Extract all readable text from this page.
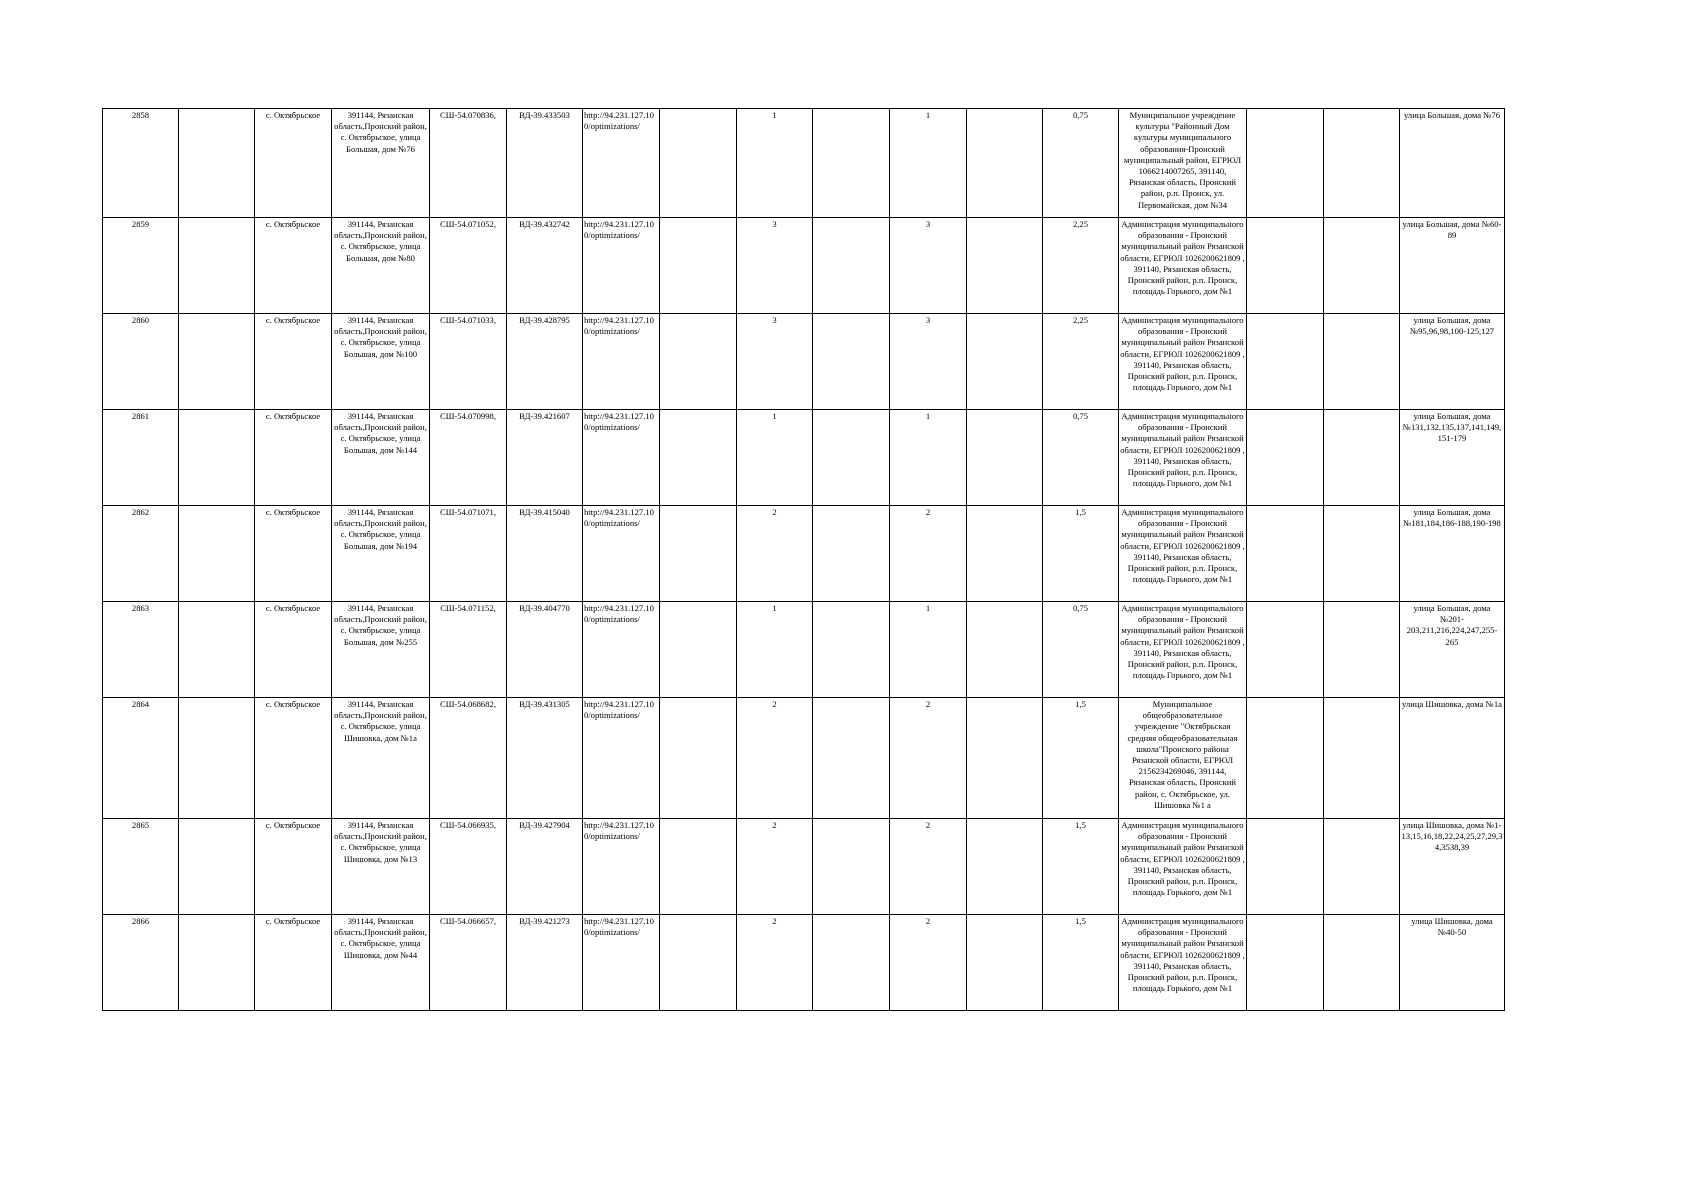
2858		с. Октябрьское	391144, Рязанская область,Пронский район, с. Октябрьское, улица Большая, дом №76	СШ-54.070836,	ВД-39.433503	http://94.231.127.100/optimizations/		1		1		0,75	Муниципальное учреждение культуры "Районный Дом культуры муниципального образования-Пронский муниципальный район, ЕГРЮЛ 1066214007265, 391140, Рязанская область, Пронский район, р.п. Пронск, ул. Первомайская, дом №34			улица Большая, дома №76
2859		с. Октябрьское	391144, Рязанская область,Пронский район, с. Октябрьское, улица Большая, дом №80	СШ-54.071052,	ВД-39.432742	http://94.231.127.100/optimizations/		3		3		2,25	Администрация муниципального образования - Пронский муниципальный район Рязанской области, ЕГРЮЛ 1026200621809 , 391140, Рязанская область, Пронский район, р.п. Пронск, площадь Горького, дом №1			улица Большая, дома №60-89
2860		с. Октябрьское	391144, Рязанская область,Пронский район, с. Октябрьское, улица Большая, дом №100	СШ-54.071033,	ВД-39.428795	http://94.231.127.100/optimizations/		3		3		2,25	Администрация муниципального образования - Пронский муниципальный район Рязанской области, ЕГРЮЛ 1026200621809 , 391140, Рязанская область, Пронский район, р.п. Пронск, площадь Горького, дом №1			улица Большая, дома №95,96,98,100-125,127
2861		с. Октябрьское	391144, Рязанская область,Пронский район, с. Октябрьское, улица Большая, дом №144	СШ-54.070998,	ВД-39.421607	http://94.231.127.100/optimizations/		1		1		0,75	Администрация муниципального образования - Пронский муниципальный район Рязанской области, ЕГРЮЛ 1026200621809 , 391140, Рязанская область, Пронский район, р.п. Пронск, площадь Горького, дом №1			улица Большая, дома №131,132,135,137,141,149, 151-179
2862		с. Октябрьское	391144, Рязанская область,Пронский район, с. Октябрьское, улица Большая, дом №194	СШ-54.071071,	ВД-39.415040	http://94.231.127.100/optimizations/		2		2		1,5	Администрация муниципального образования - Пронский муниципальный район Рязанской области, ЕГРЮЛ 1026200621809 , 391140, Рязанская область, Пронский район, р.п. Пронск, площадь Горького, дом №1			улица Большая, дома №181,184,186-188,190-198
2863		с. Октябрьское	391144, Рязанская область,Пронский район, с. Октябрьское, улица Большая, дом №255	СШ-54.071152,	ВД-39.404770	http://94.231.127.100/optimizations/		1		1		0,75	Администрация муниципального образования - Пронский муниципальный район Рязанской области, ЕГРЮЛ 1026200621809 , 391140, Рязанская область, Пронский район, р.п. Пронск, площадь Горького, дом №1			улица Большая, дома №201-203,211,216,224,247,255-265
2864		с. Октябрьское	391144, Рязанская область,Пронский район, с. Октябрьское, улица Шишовка, дом №1а	СШ-54.068682,	ВД-39.431305	http://94.231.127.100/optimizations/		2		2		1,5	Муниципальное общеобразовательное учреждение "Октябрьская средняя общеобразовательная школа"Пронского района Рязанской области, ЕГРЮЛ 2156234269046, 391144, Рязанская область, Пронский район, с. Октябрьское, ул. Шишовка №1 а			улица Шишовка, дома №1а
2865		с. Октябрьское	391144, Рязанская область,Пронский район, с. Октябрьское, улица Шишовка, дом №13	СШ-54.066935,	ВД-39.427904	http://94.231.127.100/optimizations/		2		2		1,5	Администрация муниципального образования - Пронский муниципальный район Рязанской области, ЕГРЮЛ 1026200621809 , 391140, Рязанская область, Пронский район, р.п. Пронск, площадь Горького, дом №1			улица Шишовка, дома №1-13,15,16,18,22,24,25,27,29,34,3538,39
2866		с. Октябрьское	391144, Рязанская область,Пронский район, с. Октябрьское, улица Шишовка, дом №44	СШ-54.066657,	ВД-39.421273	http://94.231.127.100/optimizations/		2		2		1,5	Администрация муниципального образования - Пронский муниципальный район Рязанской области, ЕГРЮЛ 1026200621809 , 391140, Рязанская область, Пронский район, р.п. Пронск, площадь Горького, дом №1			улица Шишовка, дома №40-50
